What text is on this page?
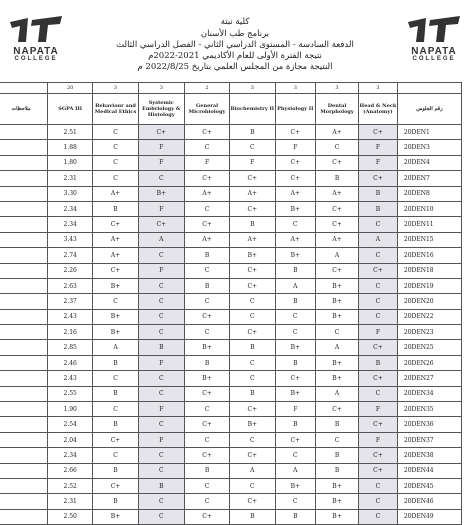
NAPATA
COLLEGE
NAPATA
COLLEGE
كلية نبتة
برنامج طب الأسنان
الدفعة السادسة - المستوى الدراسي الثاني - الفصل الدراسي الثالث
نتيجة الفترة الأولى للعام الأكاديمي 2021-2022م
النتيجة مجازة من المجلس العلمي بتاريخ 2022/8/25 م
	20	3	3	2	3	3	3	3	
ملاحظات	SGPA III	Behaviour and Medical Ethics	Systemic Embriology & Histology	General Microbiology	Biochemistry II	Physiology II	Dental Morphology	Head & Neck (Anatomy)	رقم الجلوس
	2.51	C	C+	C+	B	C+	A+	C+	20DEN1
	1.88	C	F	C	C	F	C	F	20DEN3
	1.80	C	F	F	F	C+	C+	F	20DEN4
	2.31	C	C	C+	C+	C+	B	C+	20DEN7
	3.30	A+	B+	A+	A+	A+	A+	B	20DEN8
	2.34	B	F	C	C+	B+	C+	B	20DEN10
	2.34	C+	C+	C+	B	C	C+	C	20DEN11
	3.43	A+	A	A+	A+	A+	A+	A	20DEN15
	2.74	A+	C	B	B+	B+	A	C	20DEN16
	2.26	C+	F	C	C+	B	C+	C+	20DEN18
	2.63	B+	C	B	C+	A	B+	C	20DEN19
	2.37	C	C	C	C	B	B+	C	20DEN20
	2.43	B+	C	C+	C	C	B+	C	20DEN22
	2.16	B+	C	C	C+	C	C	F	20DEN23
	2.85	A	B	B+	B	B+	A	C+	20DEN25
	2.46	B	F	B	C	B	B+	B	20DEN26
	2.43	C	C	B+	C	C+	B+	C+	20DEN27
	2.55	B	C	C+	B	B+	A	C	20DEN34
	1.90	C	F	C	C+	F	C+	F	20DEN35
	2.54	B	C	C+	B+	B	B	C+	20DEN36
	2.04	C+	F	C	C	C+	C	F	20DEN37
	2.34	C	C	C+	C+	C	B	C+	20DEN38
	2.66	B	C	B	A	A	B	C+	20DEN44
	2.52	C+	B	C	C	B+	B+	C	20DEN45
	2.31	B	C	C	C+	C	B+	C	20DEN46
	2.50	B+	C	C+	B	B	B+	C	20DEN49
